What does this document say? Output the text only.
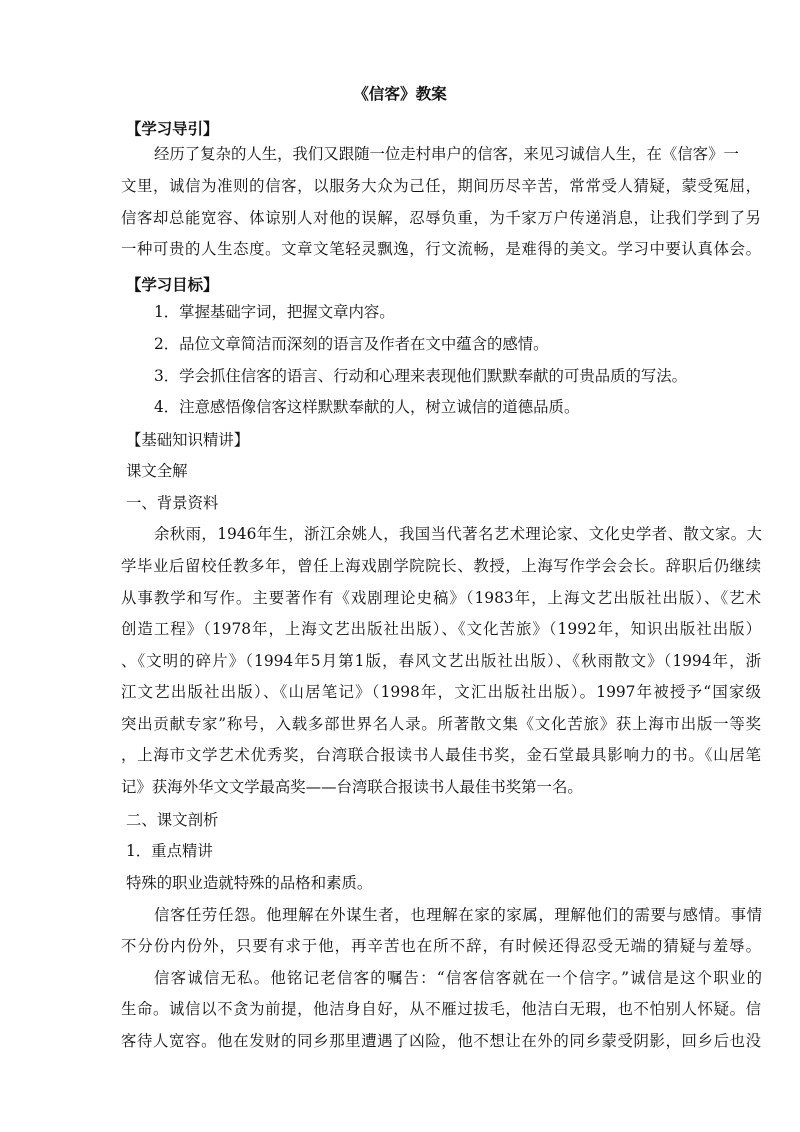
《信客》教案
【学习导引】
经历了复杂的人生，我们又跟随一位走村串户的信客，来见习诚信人生，在《信客》一
文里，诚信为准则的信客，以服务大众为己任，期间历尽辛苦，常常受人猜疑，蒙受冤屈，
信客却总能宽容、体谅别人对他的误解，忍辱负重，为千家万户传递消息，让我们学到了另
一种可贵的人生态度。文章文笔轻灵飘逸，行文流畅，是难得的美文。学习中要认真体会。
【学习目标】
1．掌握基础字词，把握文章内容。
2．品位文章简洁而深刻的语言及作者在文中蕴含的感情。
3．学会抓住信客的语言、行动和心理来表现他们默默奉献的可贵品质的写法。
4．注意感悟像信客这样默默奉献的人，树立诚信的道德品质。
【基础知识精讲】
课文全解
一、背景资料
余秋雨，1946年生，浙江余姚人，我国当代著名艺术理论家、文化史学者、散文家。大
学毕业后留校任教多年，曾任上海戏剧学院院长、教授，上海写作学会会长。辞职后仍继续
从事教学和写作。主要著作有《戏剧理论史稿》（1983年，上海文艺出版社出版）、《艺术
创造工程》（1978年，上海文艺出版社出版）、《文化苦旅》（1992年，知识出版社出版）
、《文明的碎片》（1994年5月第1版，春风文艺出版社出版）、《秋雨散文》（1994年，浙
江文艺出版社出版）、《山居笔记》（1998年，文汇出版社出版）。1997年被授予“国家级
突出贡献专家”称号，入载多部世界名人录。所著散文集《文化苦旅》获上海市出版一等奖
，上海市文学艺术优秀奖，台湾联合报读书人最佳书奖，金石堂最具影响力的书。《山居笔
记》获海外华文文学最高奖——台湾联合报读书人最佳书奖第一名。
二、课文剖析
1．重点精讲
特殊的职业造就特殊的品格和素质。
信客任劳任怨。他理解在外谋生者，也理解在家的家属，理解他们的需要与感情。事情
不分份内份外，只要有求于他，再辛苦也在所不辞，有时候还得忍受无端的猜疑与羞辱。
信客诚信无私。他铭记老信客的嘱告：“信客信客就在一个信字。”诚信是这个职业的
生命。诚信以不贪为前提，他洁身自好，从不雁过拔毛，他洁白无瑕，也不怕别人怀疑。信
客待人宽容。他在发财的同乡那里遭遇了凶险，他不想让在外的同乡蒙受阴影，回乡后也没
